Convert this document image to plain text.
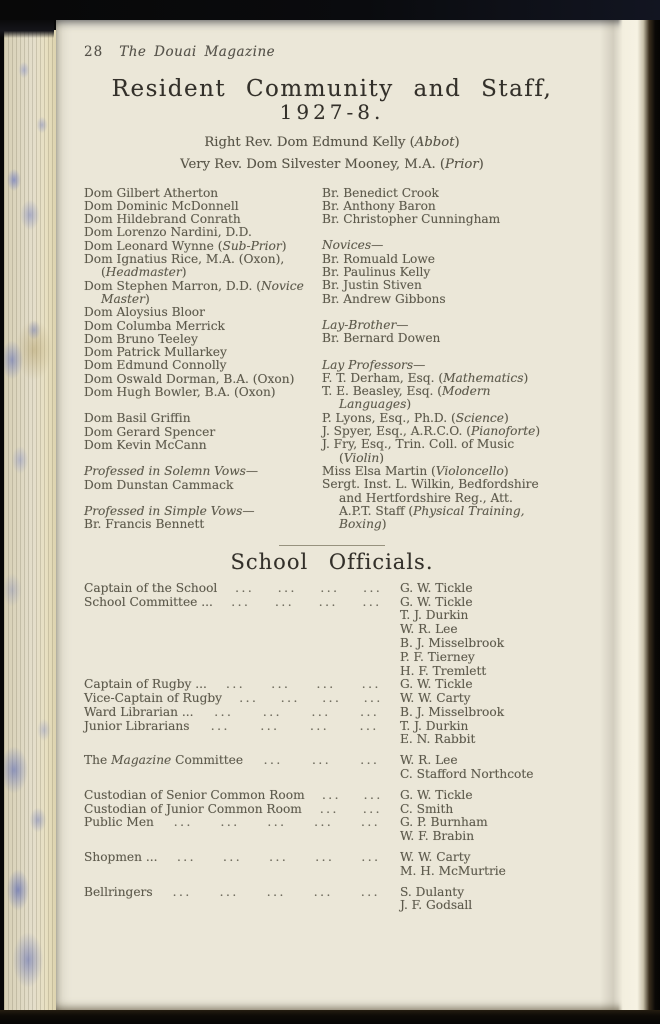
28 The Douai Magazine
Resident Community and Staff,
1927-8.
Right Rev. Dom Edmund Kelly (Abbot)
Very Rev. Dom Silvester Mooney, M.A. (Prior)
Dom Gilbert Atherton
Dom Dominic McDonnell
Dom Hildebrand Conrath
Dom Lorenzo Nardini, D.D.
Dom Leonard Wynne (Sub-Prior)
Dom Ignatius Rice, M.A. (Oxon),
(Headmaster)
Dom Stephen Marron, D.D. (Novice
Master)
Dom Aloysius Bloor
Dom Columba Merrick
Dom Bruno Teeley
Dom Patrick Mullarkey
Dom Edmund Connolly
Dom Oswald Dorman, B.A. (Oxon)
Dom Hugh Bowler, B.A. (Oxon)
Dom Basil Griffin
Dom Gerard Spencer
Dom Kevin McCann
Professed in Solemn Vows—
Dom Dunstan Cammack
Professed in Simple Vows—
Br. Francis Bennett
Br. Benedict Crook
Br. Anthony Baron
Br. Christopher Cunningham
Novices—
Br. Romuald Lowe
Br. Paulinus Kelly
Br. Justin Stiven
Br. Andrew Gibbons
Lay-Brother—
Br. Bernard Dowen
Lay Professors—
F. T. Derham, Esq. (Mathematics)
T. E. Beasley, Esq. (Modern
Languages)
P. Lyons, Esq., Ph.D. (Science)
J. Spyer, Esq., A.R.C.O. (Pianoforte)
J. Fry, Esq., Trin. Coll. of Music
(Violin)
Miss Elsa Martin (Violoncello)
Sergt. Inst. L. Wilkin, Bedfordshire
and Hertfordshire Reg., Att.
A.P.T. Staff (Physical Training,
Boxing)
School Officials.
Captain of the School ... ... ... ... G. W. Tickle
School Committee ... ... ... ... ... G. W. Tickle
T. J. Durkin
W. R. Lee
B. J. Misselbrook
P. F. Tierney
H. F. Tremlett
Captain of Rugby ... ... ... ... ... G. W. Tickle
Vice-Captain of Rugby ... ... ... ... W. W. Carty
Ward Librarian ... ... ... ... ... B. J. Misselbrook
Junior Librarians ...	...	...	... T. J. Durkin
E. N. Rabbit
The Magazine Committee ... ... ... W. R. Lee
C. Stafford Northcote
Custodian of Senior Common Room ... ... G. W. Tickle
Custodian of Junior Common Room ... ... C. Smith
Public Men ... ... ... ... ... G. P. Burnham
W. F. Brabin
Shopmen ... ... ... ... ... ... W. W. Carty
M. H. McMurtrie
Bellringers ... ... ... ... ... S. Dulanty
J. F. Godsall
